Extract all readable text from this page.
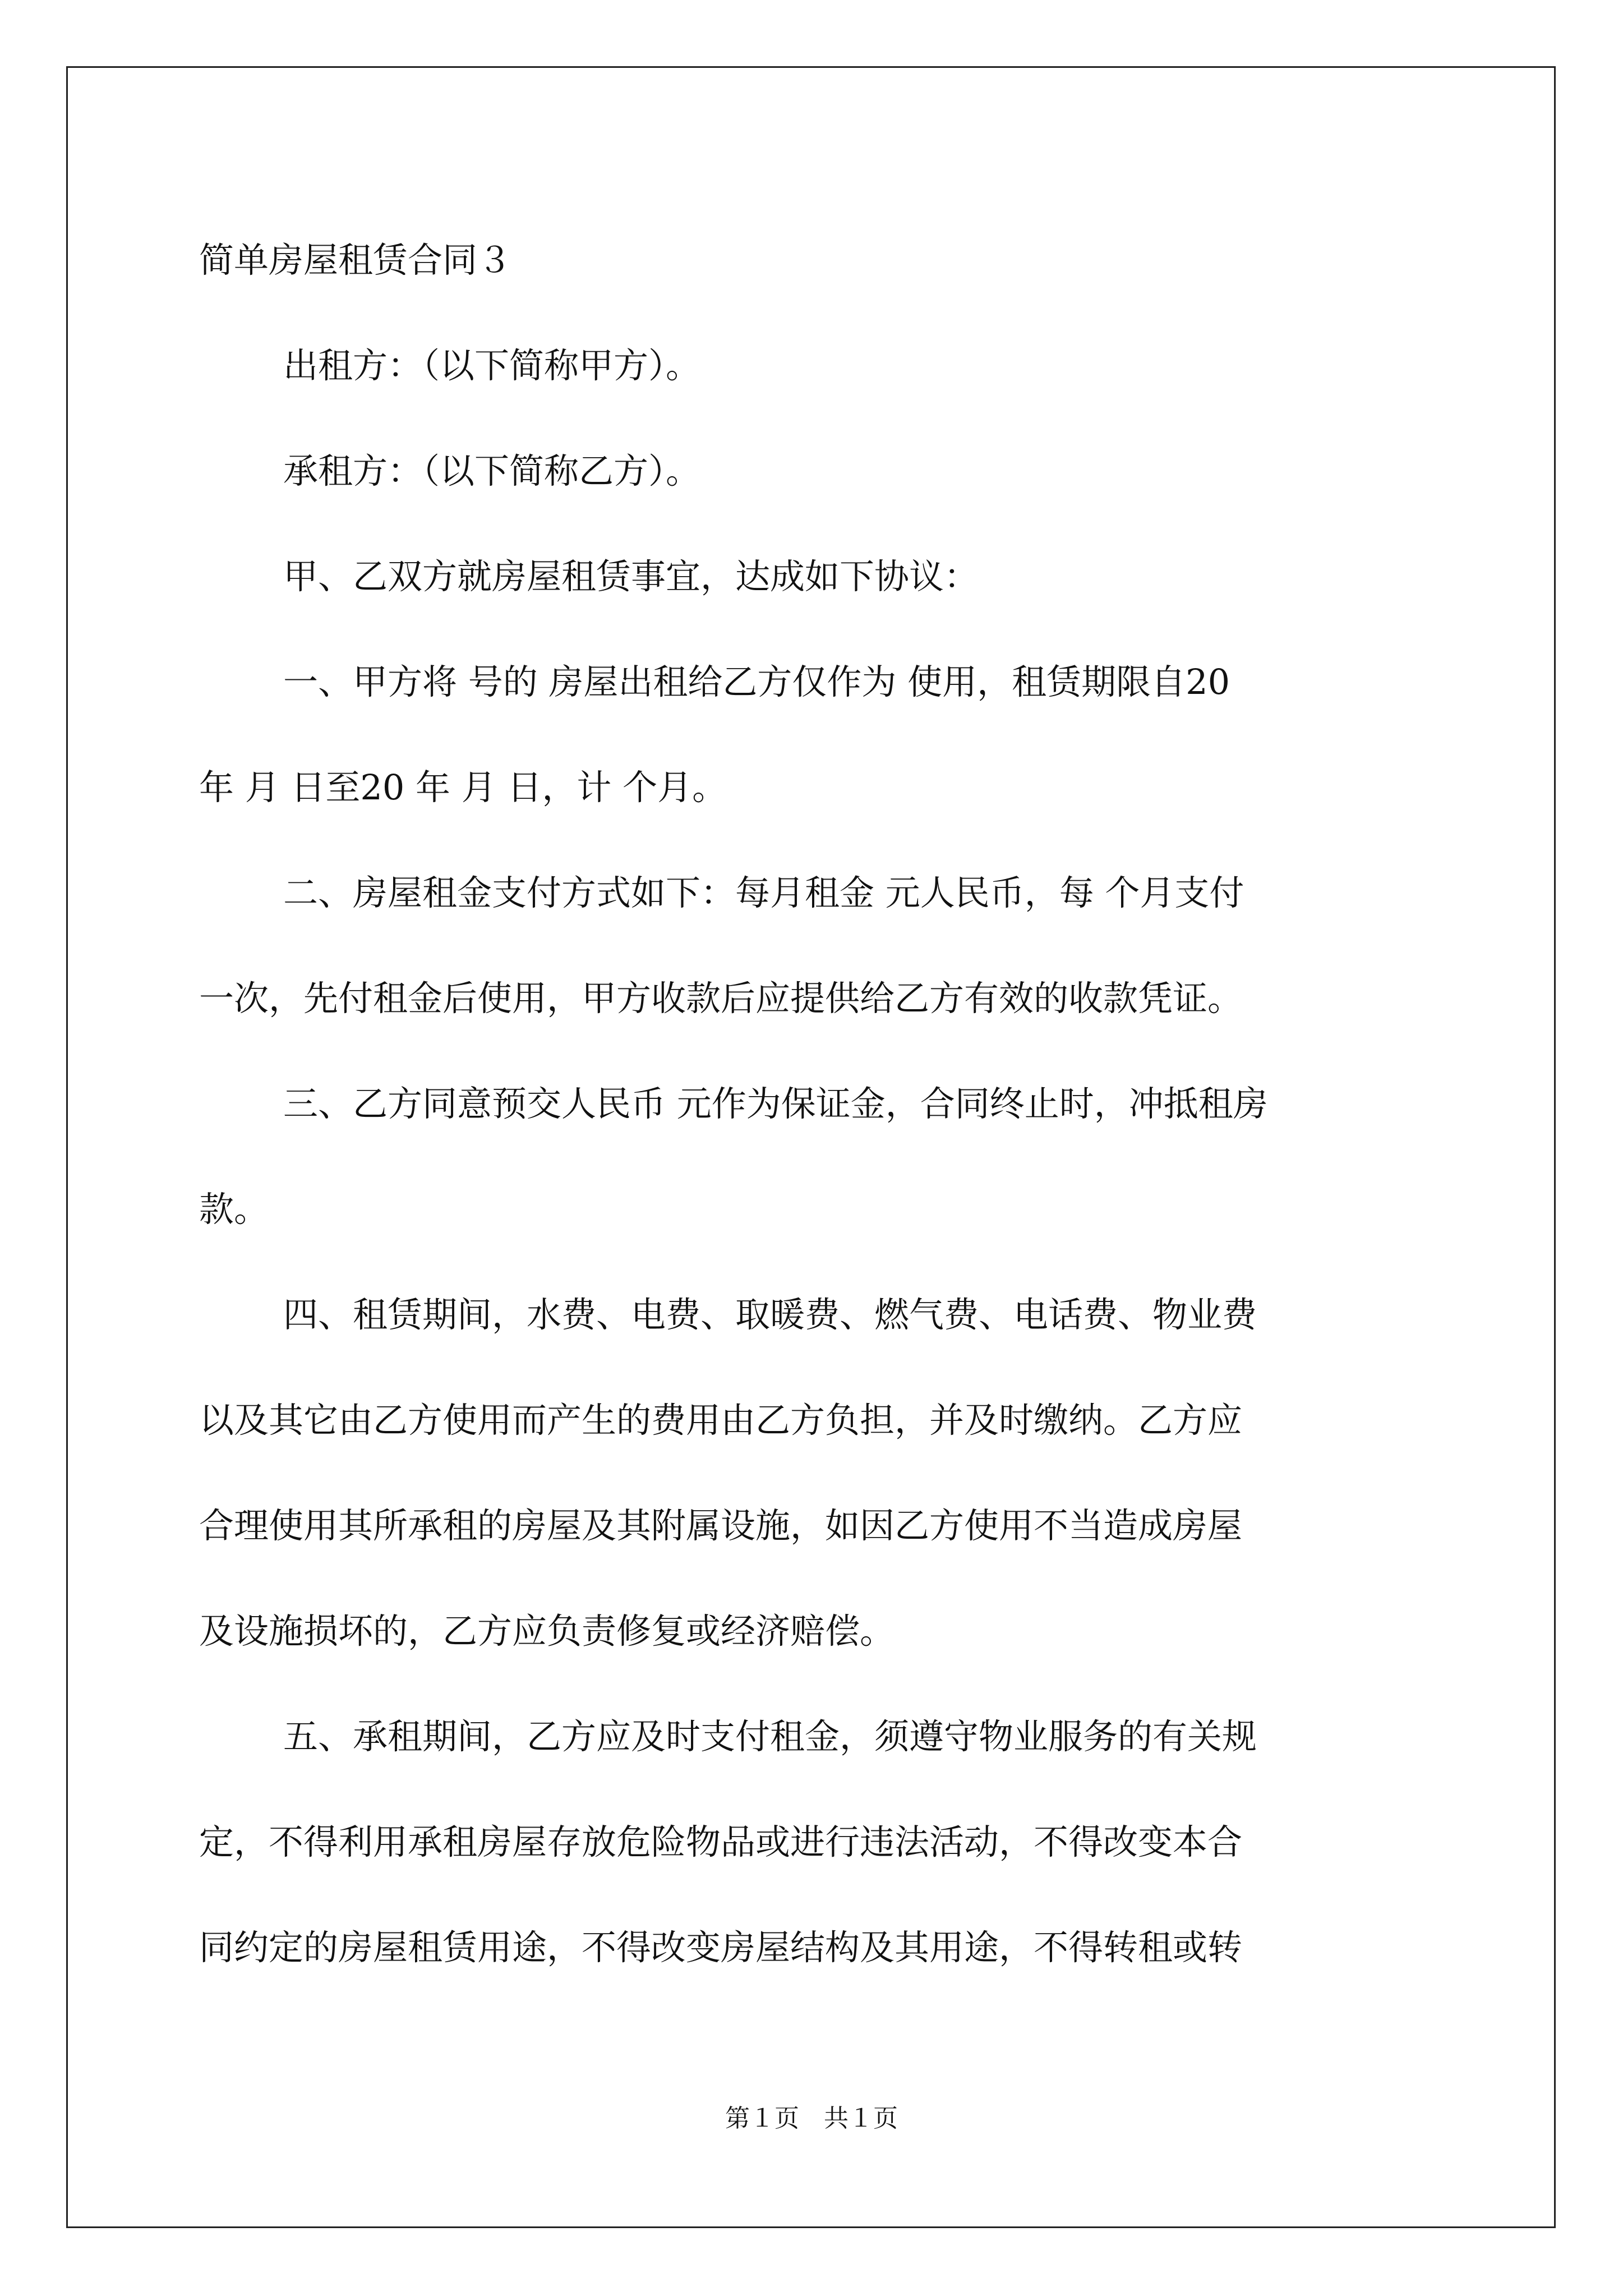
简单房屋租赁合同３
出租方：（以下简称甲方）。
承租方：（以下简称乙方）。
甲、乙双方就房屋租赁事宜，达成如下协议：
一、甲方将 号的 房屋出租给乙方仅作为 使用，租赁期限自20
年 月 日至20 年 月 日，计 个月。
二、房屋租金支付方式如下：每月租金 元人民币，每 个月支付
一次，先付租金后使用，甲方收款后应提供给乙方有效的收款凭证。
三、乙方同意预交人民币 元作为保证金，合同终止时，冲抵租房
款。
四、租赁期间，水费、电费、取暖费、燃气费、电话费、物业费
以及其它由乙方使用而产生的费用由乙方负担，并及时缴纳。乙方应
合理使用其所承租的房屋及其附属设施，如因乙方使用不当造成房屋
及设施损坏的，乙方应负责修复或经济赔偿。
五、承租期间，乙方应及时支付租金，须遵守物业服务的有关规
定，不得利用承租房屋存放危险物品或进行违法活动，不得改变本合
同约定的房屋租赁用途，不得改变房屋结构及其用途，不得转租或转
第１页　共１页
